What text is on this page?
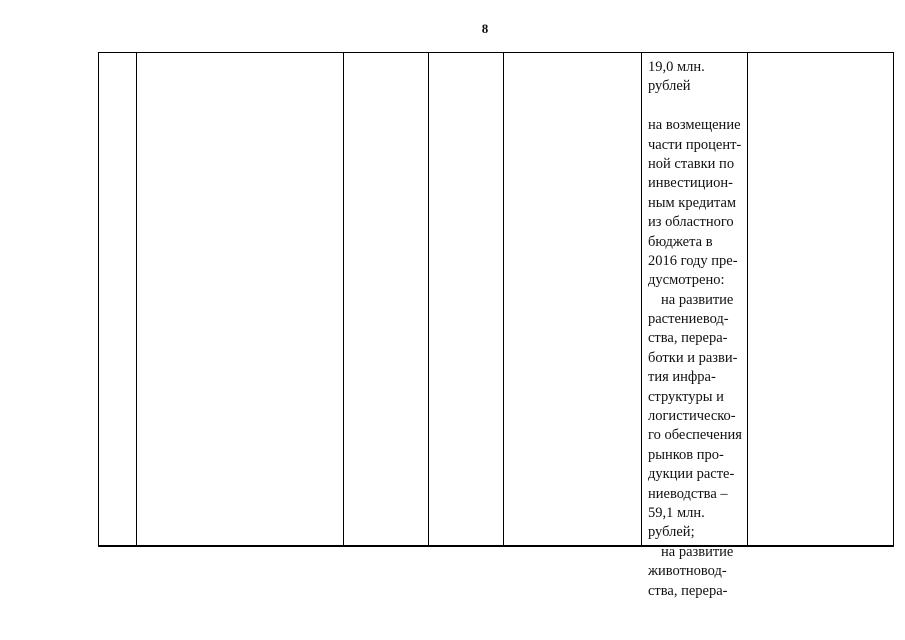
8
19,0 млн.
рублей
на возмещение
части процент-
ной ставки по
инвестицион-
ным кредитам
из областного
бюджета в
2016 году пре-
дусмотрено:
на развитие
растениевод-
ства, перера-
ботки и разви-
тия инфра-
структуры и
логистическо-
го обеспечения
рынков про-
дукции расте-
ниеводства –
59,1 млн.
рублей;
на развитие
животновод-
ства, перера-
